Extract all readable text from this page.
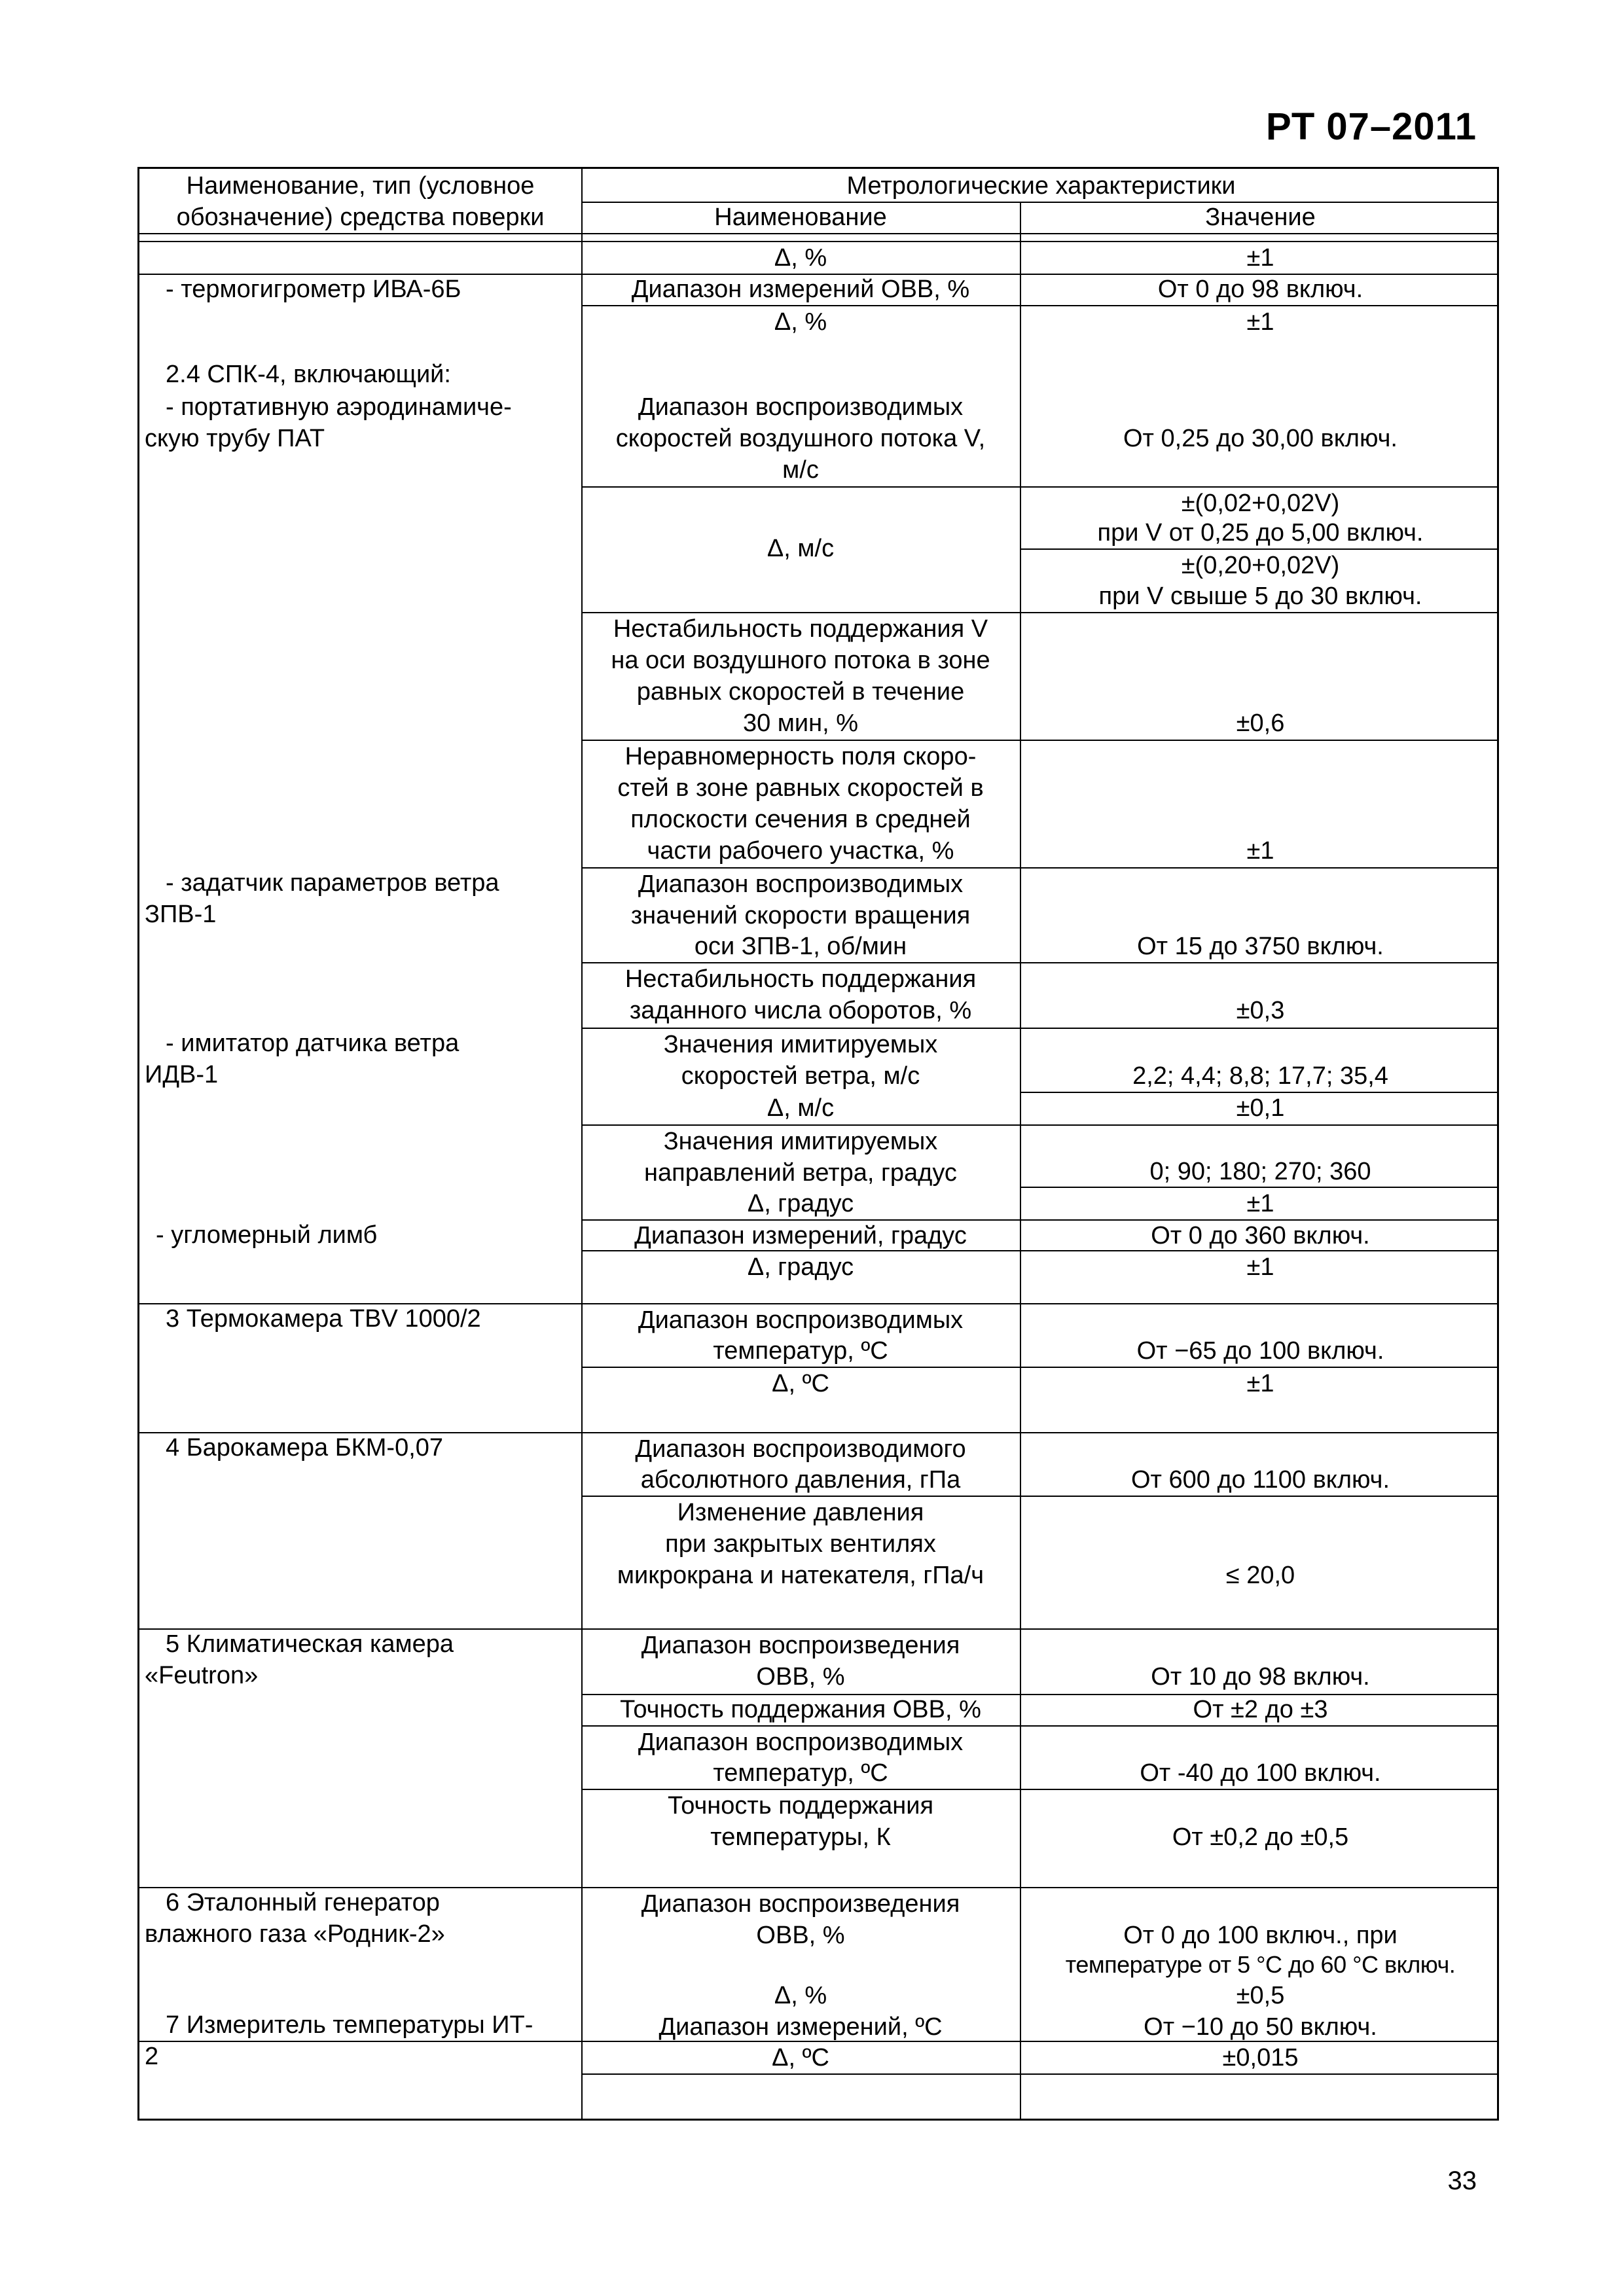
РТ 07–2011
Наименование, тип (условное
обозначение) средства поверки
Метрологические характеристики
Наименование	Значение
- термогигрометр ИВА-6Б
2.4 СПК-4, включающий:
- портативную аэродинамиче-
скую трубу ПАТ
- задатчик параметров ветра
ЗПВ-1
- имитатор датчика ветра
ИДВ-1
- угломерный лимб
3 Термокамера TBV 1000/2
4 Барокамера БКМ-0,07
5 Климатическая камера
«Feutron»
6 Эталонный генератор
влажного газа «Родник-2»
7 Измеритель температуры ИТ-
2
Δ, %
Диапазон измерений ОВВ, %
Δ, %
Диапазон воспроизводимых
скоростей воздушного потока V,
м/с
Δ, м/с
Нестабильность поддержания V
на оси воздушного потока в зоне
равных скоростей в течение
30 мин, %
Неравномерность поля скоро-
стей в зоне равных скоростей в
плоскости сечения в средней
части рабочего участка, %
Диапазон воспроизводимых
значений скорости вращения
оси ЗПВ-1, об/мин
Нестабильность поддержания
заданного числа оборотов, %
Значения имитируемых
скоростей ветра, м/с
Δ, м/с
Значения имитируемых
направлений ветра, градус
Δ, градус
Диапазон измерений, градус
Δ, градус
Диапазон воспроизводимых
температур, ºС
Δ, ºС
Диапазон воспроизводимого
абсолютного давления, гПа
Изменение давления
при закрытых вентилях
микрокрана и натекателя, гПа/ч
Диапазон воспроизведения
ОВВ, %
Точность поддержания ОВВ, %
Диапазон воспроизводимых
температур, ºС
Точность поддержания
температуры, К
Диапазон воспроизведения
ОВВ, %
Δ, %
Диапазон измерений, ºС
Δ, ºС
±1
От 0 до 98 включ.
±1
От 0,25 до 30,00 включ.
±(0,02+0,02V)
при V от 0,25 до 5,00 включ.
±(0,20+0,02V)
при V свыше 5 до 30 включ.
±0,6
±1
От 15 до 3750 включ.
±0,3
2,2; 4,4; 8,8; 17,7; 35,4
±0,1
0; 90; 180; 270; 360
±1
От 0 до 360 включ.
±1
От −65 до 100 включ.
±1
От 600 до 1100 включ.
≤ 20,0
От 10 до 98 включ.
От ±2 до ±3
От -40 до 100 включ.
От ±0,2 до ±0,5
От 0 до 100 включ., при
температуре от 5 °С до 60 °С включ.
±0,5
От −10 до 50 включ.
±0,015
33
